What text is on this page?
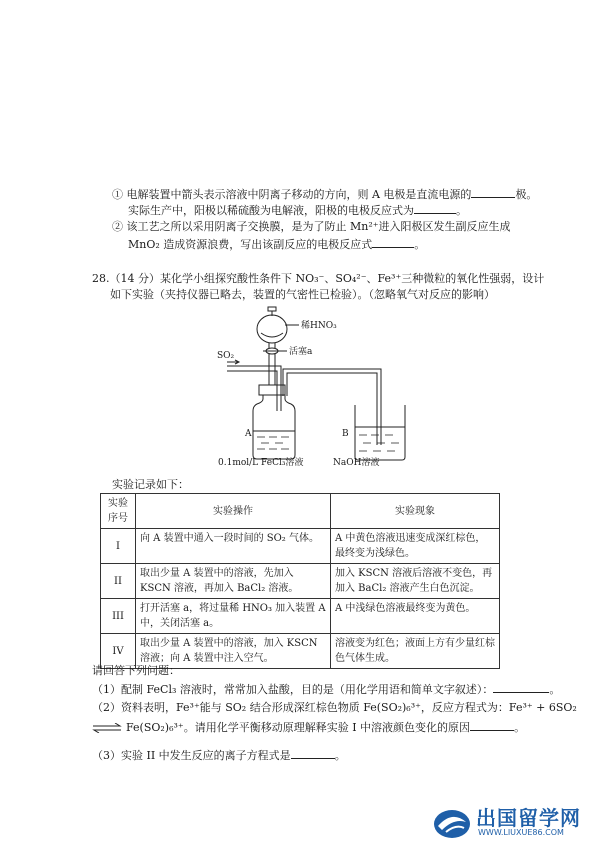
① 电解装置中箭头表示溶液中阴离子移动的方向，则 A 电极是直流电源的	极。
实际生产中，阳极以稀硫酸为电解液，阳极的电极反应式为	。
② 该工艺之所以采用阴离子交换膜，是为了防止 Mn²⁺进入阳极区发生副反应生成
MnO₂ 造成资源浪费，写出该副反应的电极反应式	。
28.（14 分）某化学小组探究酸性条件下 NO₃⁻、SO₄²⁻、Fe³⁺三种微粒的氧化性强弱，设计
如下实验（夹持仪器已略去，装置的气密性已检验）。（忽略氧气对反应的影响）
稀HNO₃
活塞a
SO₂
A	B
0.1mol/L FeCl₃溶液	NaOH溶液
实验记录如下：
实验
序号	实验操作	实验现象
I	向 A 装置中通入一段时间的 SO₂ 气体。	A 中黄色溶液迅速变成深红棕色，最终变为浅绿色。
II	取出少量 A 装置中的溶液，先加入 KSCN 溶液，再加入 BaCl₂ 溶液。	加入 KSCN 溶液后溶液不变色，再加入 BaCl₂ 溶液产生白色沉淀。
III	打开活塞 a，将过量稀 HNO₃ 加入装置 A 中，关闭活塞 a。	A 中浅绿色溶液最终变为黄色。
IV	取出少量 A 装置中的溶液，加入 KSCN 溶液；向 A 装置中注入空气。	溶液变为红色；液面上方有少量红棕色气体生成。
请回答下列问题：
（1）配制 FeCl₃ 溶液时，常常加入盐酸，目的是（用化学用语和简单文字叙述）：	。
（2）资料表明，Fe³⁺能与 SO₂ 结合形成深红棕色物质 Fe(SO₂)₆³⁺，反应方程式为：Fe³⁺ + 6SO₂
⇌ Fe(SO₂)₆³⁺。请用化学平衡移动原理解释实验 I 中溶液颜色变化的原因	。
（3）实验 II 中发生反应的离子方程式是	。
出国留学网
WWW.LIUXUE86.COM
